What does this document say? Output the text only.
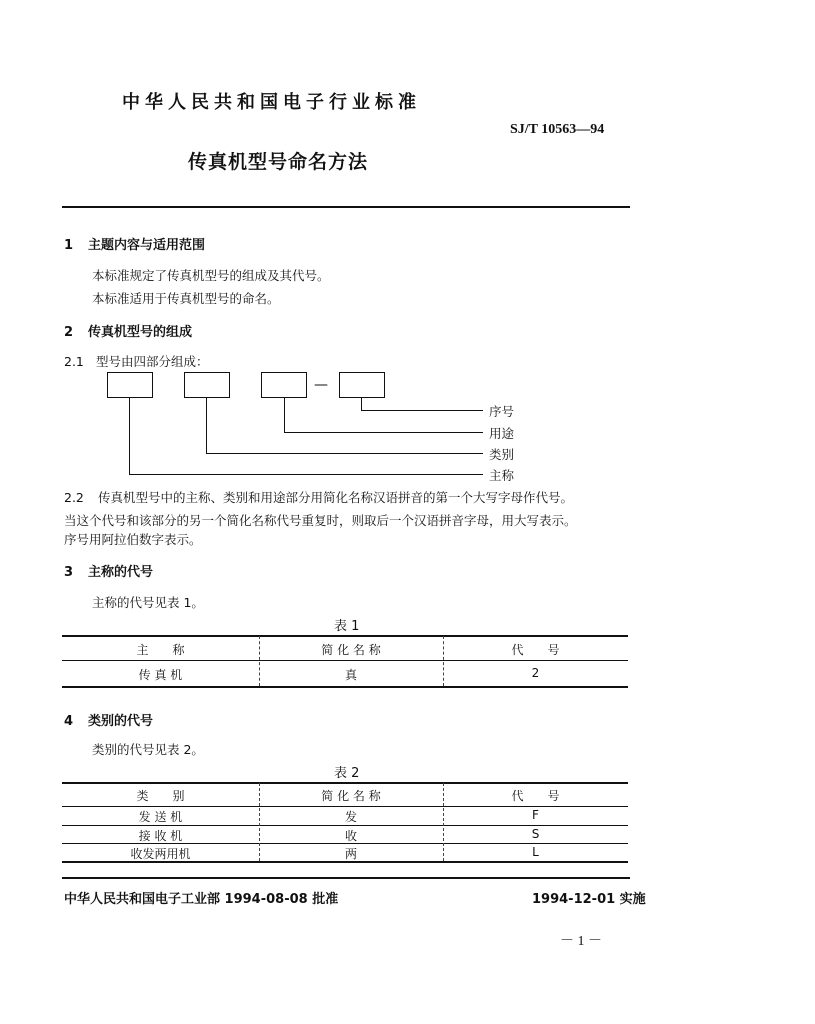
中华人民共和国电子行业标准
SJ/T 10563—94
传真机型号命名方法
1 主题内容与适用范围
本标准规定了传真机型号的组成及其代号。
本标准适用于传真机型号的命名。
2 传真机型号的组成
2.1 型号由四部分组成：
—
序号
用途
类别
主称
2.2 传真机型号中的主称、类别和用途部分用简化名称汉语拼音的第一个大写字母作代号。
当这个代号和该部分的另一个简化名称代号重复时，则取后一个汉语拼音字母，用大写表示。
序号用阿拉伯数字表示。
3 主称的代号
主称的代号见表 1。
表 1
主　　称	简 化 名 称	代　　号
传 真 机	真	2
4 类别的代号
类别的代号见表 2。
表 2
类　　别	简 化 名 称	代　　号
发 送 机	发	F
接 收 机	收	S
收发两用机	两	L
中华人民共和国电子工业部 1994-08-08 批准	1994-12-01 实施
－ 1 －
